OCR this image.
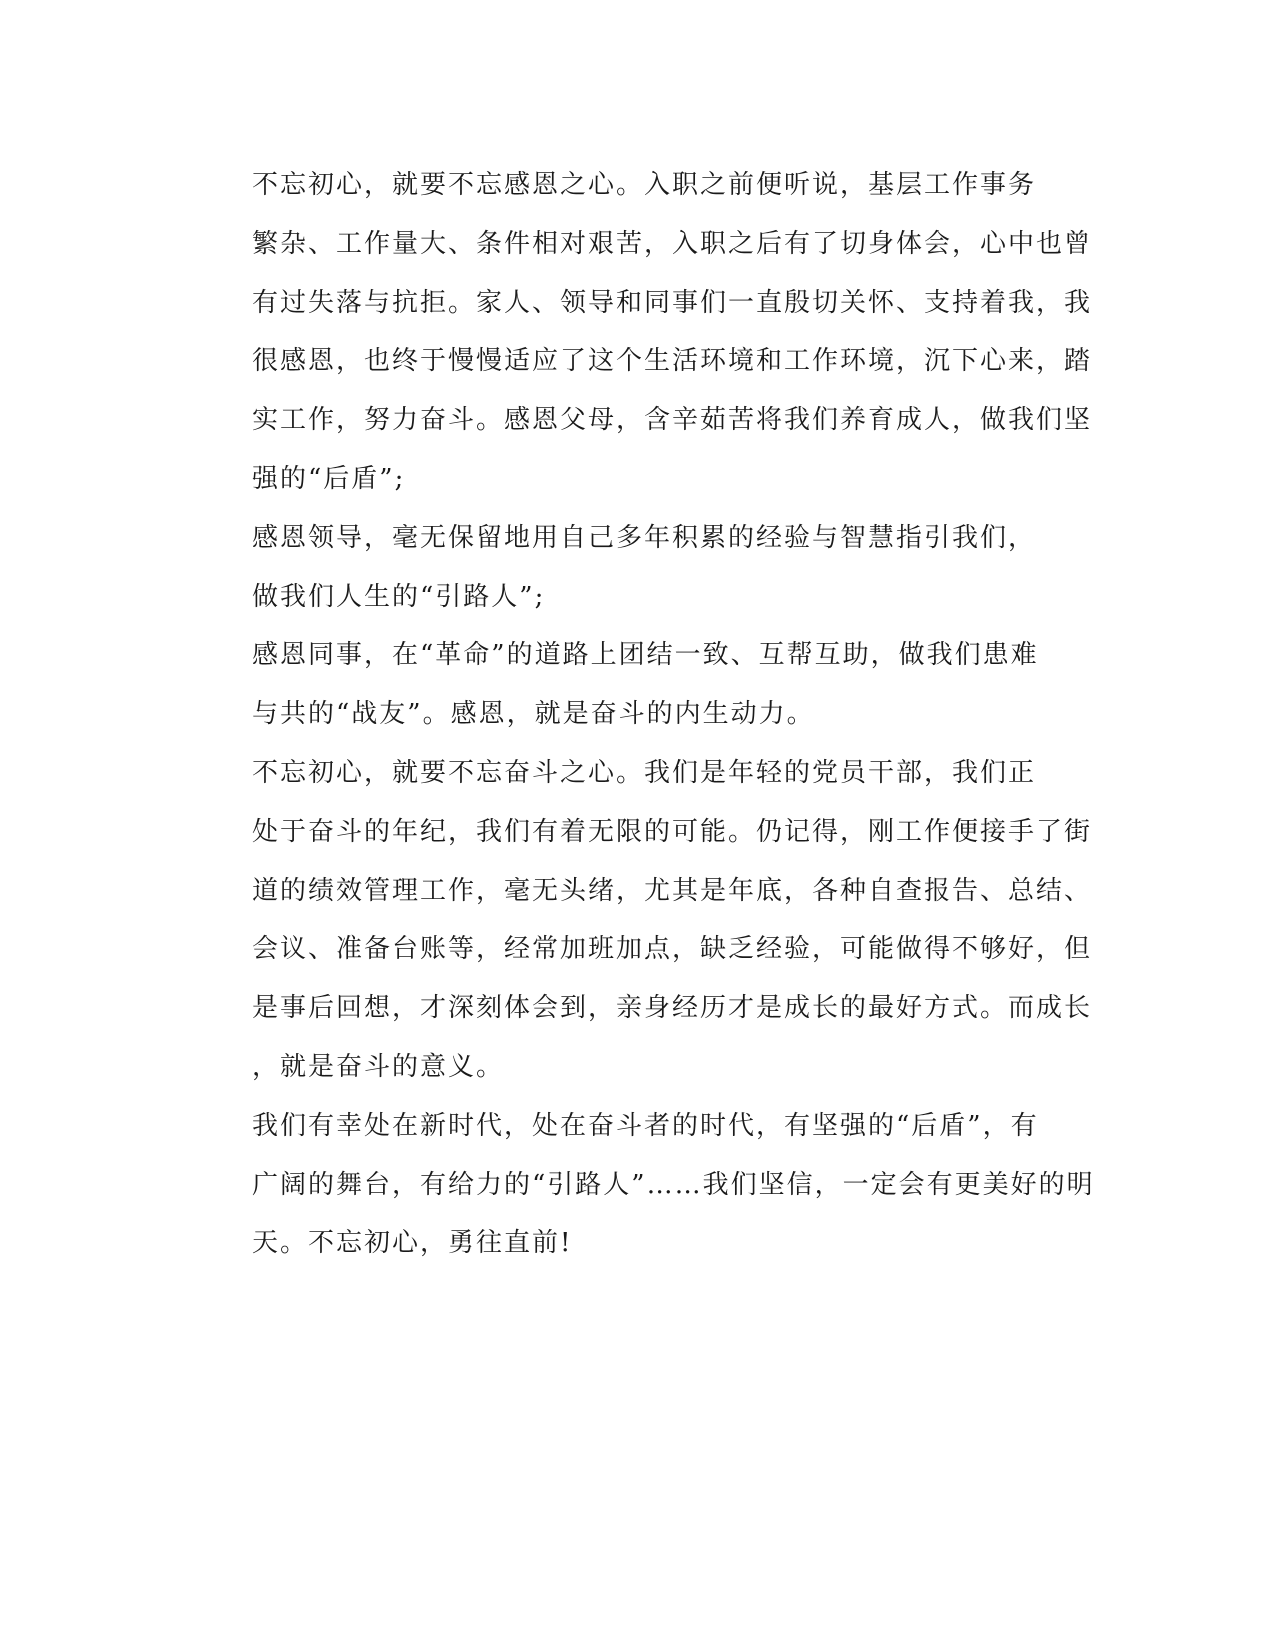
不忘初心，就要不忘感恩之心。入职之前便听说，基层工作事务
繁杂、工作量大、条件相对艰苦，入职之后有了切身体会，心中也曾
有过失落与抗拒。家人、领导和同事们一直殷切关怀、支持着我，我
很感恩，也终于慢慢适应了这个生活环境和工作环境，沉下心来，踏
实工作，努力奋斗。感恩父母，含辛茹苦将我们养育成人，做我们坚
强的“后盾”;

感恩领导，毫无保留地用自己多年积累的经验与智慧指引我们，
做我们人生的“引路人”;

感恩同事，在“革命”的道路上团结一致、互帮互助，做我们患难
与共的“战友”。感恩，就是奋斗的内生动力。

不忘初心，就要不忘奋斗之心。我们是年轻的党员干部，我们正
处于奋斗的年纪，我们有着无限的可能。仍记得，刚工作便接手了街
道的绩效管理工作，毫无头绪，尤其是年底，各种自查报告、总结、
会议、准备台账等，经常加班加点，缺乏经验，可能做得不够好，但
是事后回想，才深刻体会到，亲身经历才是成长的最好方式。而成长
，就是奋斗的意义。

我们有幸处在新时代，处在奋斗者的时代，有坚强的“后盾”，有
广阔的舞台，有给力的“引路人”……我们坚信，一定会有更美好的明
天。不忘初心，勇往直前!
